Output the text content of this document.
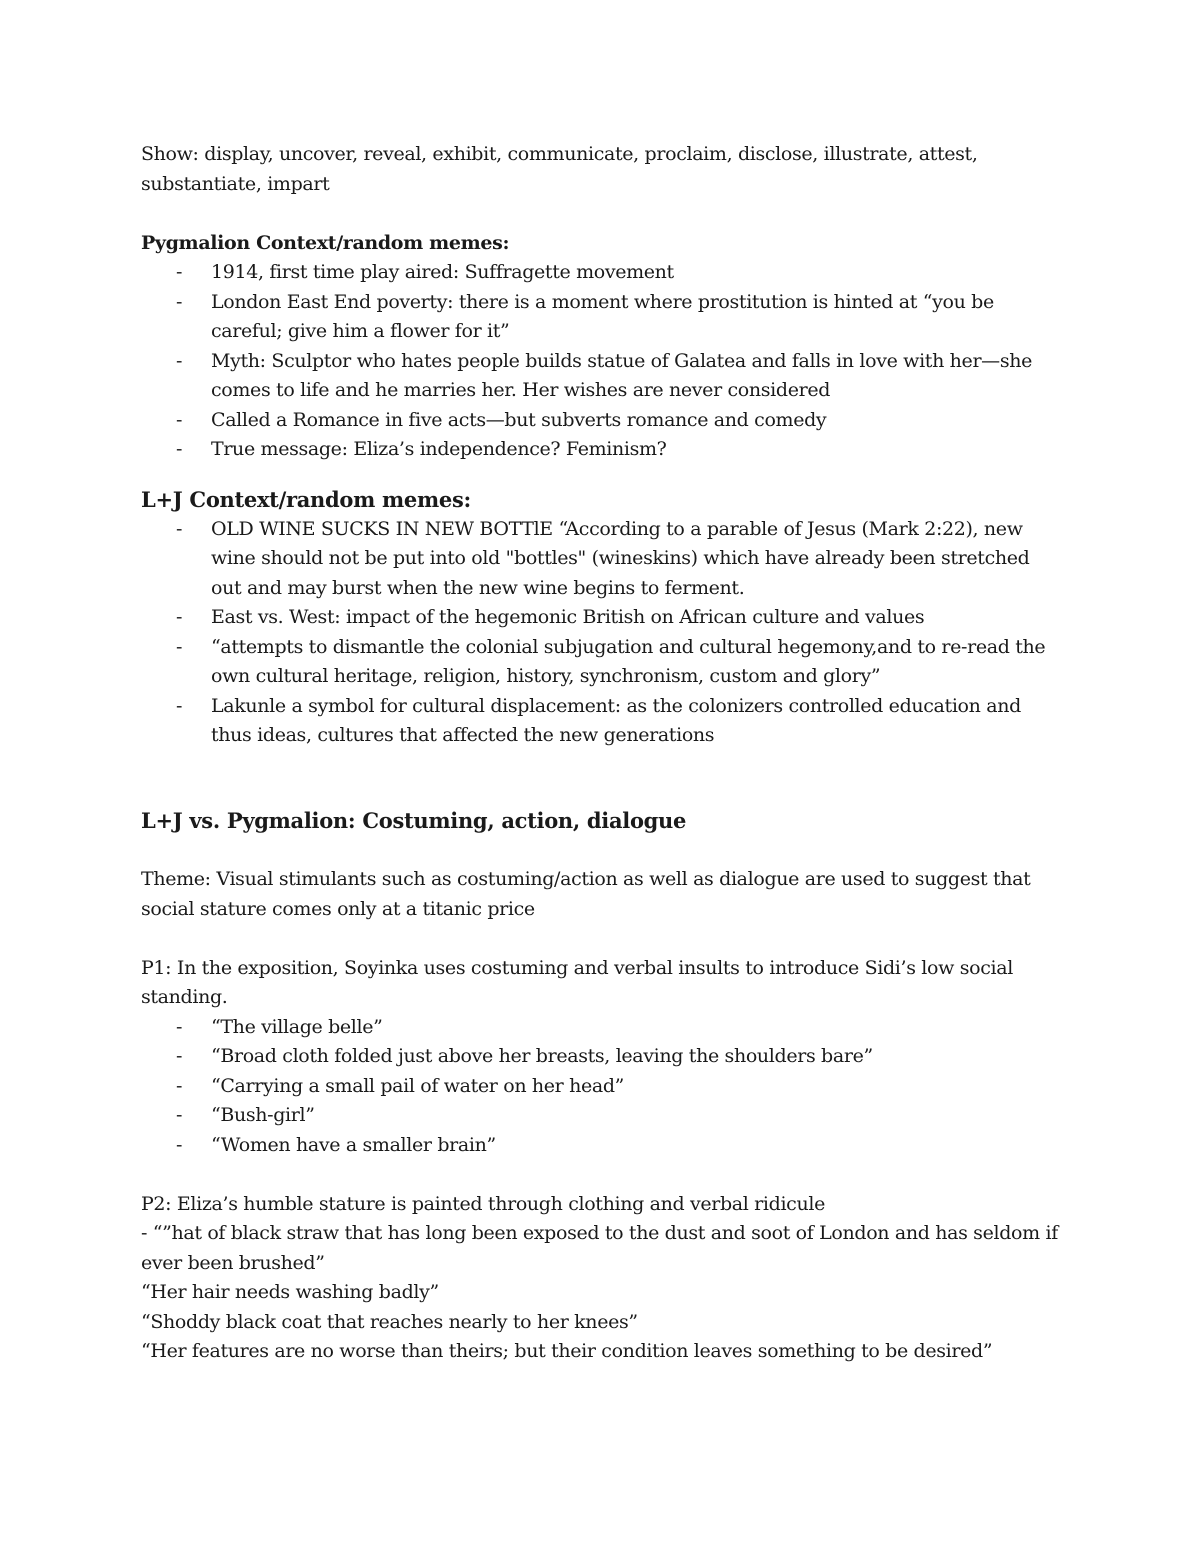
Show: display, uncover, reveal, exhibit, communicate, proclaim, disclose, illustrate, attest, substantiate, impart

Pygmalion Context/random memes:

- 1914, first time play aired: Suffragette movement
- London East End poverty: there is a moment where prostitution is hinted at “you be careful; give him a flower for it”
- Myth: Sculptor who hates people builds statue of Galatea and falls in love with her—she comes to life and he marries her. Her wishes are never considered
- Called a Romance in five acts—but subverts romance and comedy
- True message: Eliza’s independence? Feminism?

L+J Context/random memes:

- OLD WINE SUCKS IN NEW BOTTlE “According to a parable of Jesus (Mark 2:22), new wine should not be put into old "bottles" (wineskins) which have already been stretched out and may burst when the new wine begins to ferment.
- East vs. West: impact of the hegemonic British on African culture and values
- “attempts to dismantle the colonial subjugation and cultural hegemony,and to re-read the own cultural heritage, religion, history, synchronism, custom and glory”
- Lakunle a symbol for cultural displacement: as the colonizers controlled education and thus ideas, cultures that affected the new generations

L+J vs. Pygmalion: Costuming, action, dialogue

Theme: Visual stimulants such as costuming/action as well as dialogue are used to suggest that social stature comes only at a titanic price

P1: In the exposition, Soyinka uses costuming and verbal insults to introduce Sidi’s low social standing.

- “The village belle”
- “Broad cloth folded just above her breasts, leaving the shoulders bare”
- “Carrying a small pail of water on her head”
- “Bush-girl”
- “Women have a smaller brain”

P2: Eliza’s humble stature is painted through clothing and verbal ridicule

- “”hat of black straw that has long been exposed to the dust and soot of London and has seldom if ever been brushed”

“Her hair needs washing badly”

“Shoddy black coat that reaches nearly to her knees”

“Her features are no worse than theirs; but their condition leaves something to be desired”
